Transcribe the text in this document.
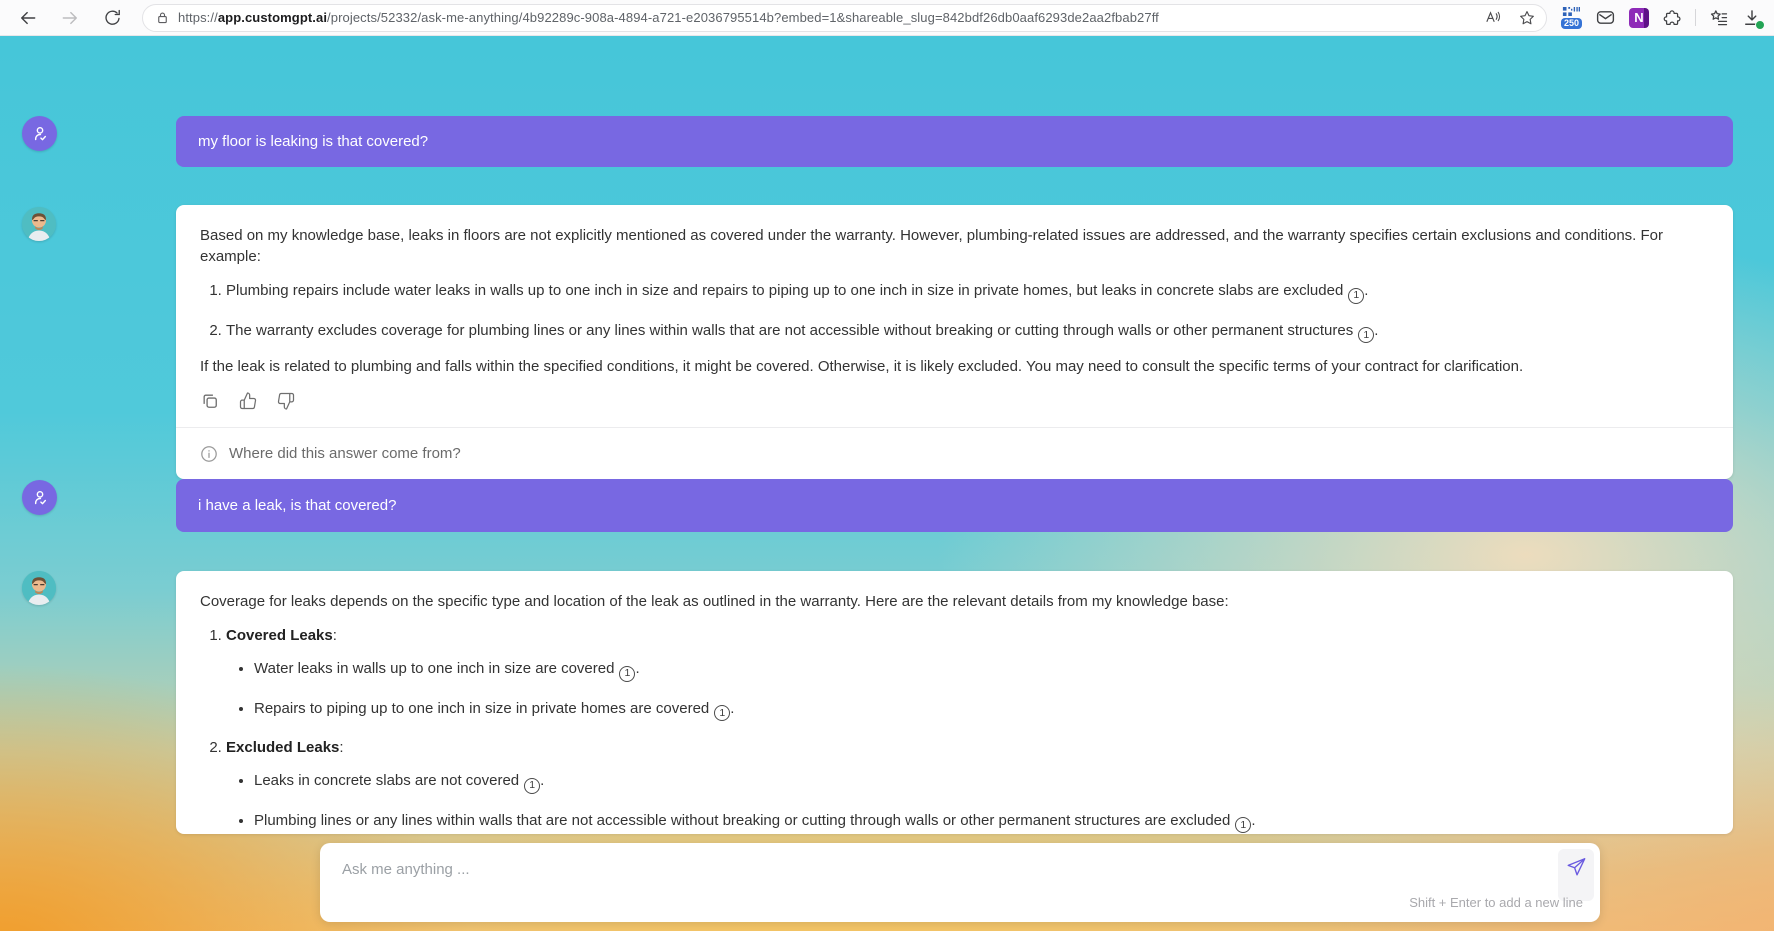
https://app.customgpt.ai/projects/52332/ask-me-anything/4b92289c-908a-4894-a721-e2036795514b?embed=1&shareable_slug=842bdf26db0aaf6293de2aa2fbab27ff	250	N
my floor is leaking is that covered?

Based on my knowledge base, leaks in floors are not explicitly mentioned as covered under the warranty. However, plumbing-related issues are addressed, and the warranty specifies certain exclusions and conditions. For example:

1. Plumbing repairs include water leaks in walls up to one inch in size and repairs to piping up to one inch in size in private homes, but leaks in concrete slabs are excluded 1 .
2. The warranty excludes coverage for plumbing lines or any lines within walls that are not accessible without breaking or cutting through walls or other permanent structures 1 .

If the leak is related to plumbing and falls within the specified conditions, it might be covered. Otherwise, it is likely excluded. You may need to consult the specific terms of your contract for clarification.

Where did this answer come from?
i have a leak, is that covered?

Coverage for leaks depends on the specific type and location of the leak as outlined in the warranty. Here are the relevant details from my knowledge base:

1. Covered Leaks:
• Water leaks in walls up to one inch in size are covered 1 .
• Repairs to piping up to one inch in size in private homes are covered 1 .
2. Excluded Leaks:
• Leaks in concrete slabs are not covered 1 .
• Plumbing lines or any lines within walls that are not accessible without breaking or cutting through walls or other permanent structures are excluded 1 .
Ask me anything ...
Shift + Enter to add a new line
